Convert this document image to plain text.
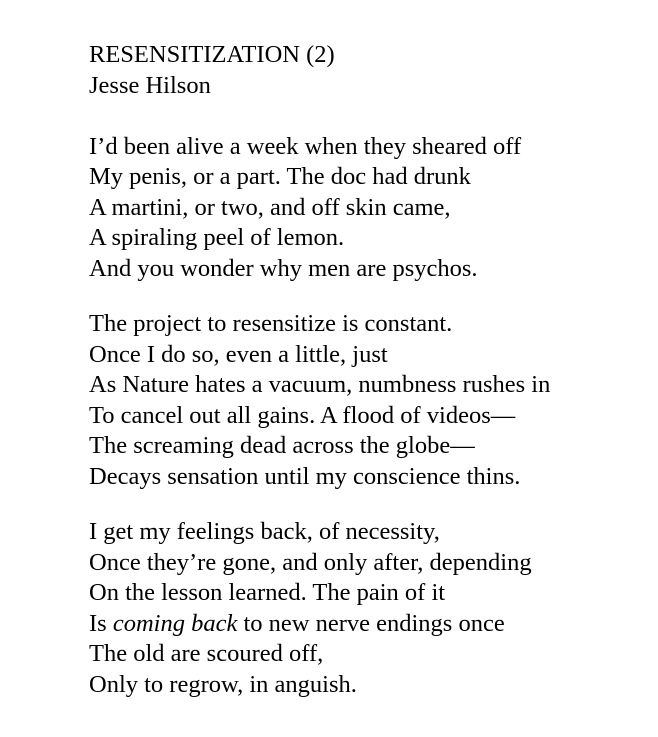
RESENSITIZATION (2)

Jesse Hilson

I’d been alive a week when they sheared off

My penis, or a part. The doc had drunk

A martini, or two, and off skin came,

A spiraling peel of lemon.

And you wonder why men are psychos.

The project to resensitize is constant.

Once I do so, even a little, just

As Nature hates a vacuum, numbness rushes in

To cancel out all gains. A flood of videos—

The screaming dead across the globe—

Decays sensation until my conscience thins.

I get my feelings back, of necessity,

Once they’re gone, and only after, depending

On the lesson learned. The pain of it

Is coming back to new nerve endings once

The old are scoured off,

Only to regrow, in anguish.
